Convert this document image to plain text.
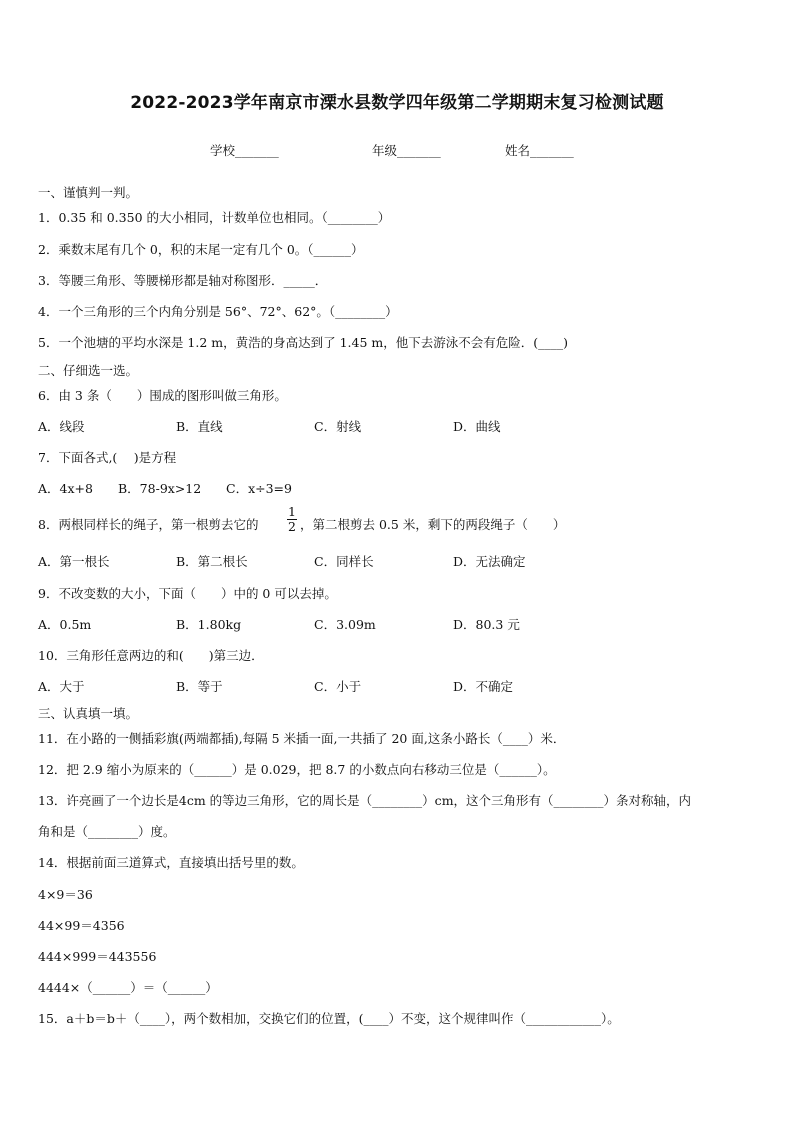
2022-2023学年南京市溧水县数学四年级第二学期期末复习检测试题
学校_______	年级_______	姓名_______
一、谨慎判一判。
1．0.35 和 0.350 的大小相同，计数单位也相同。（________）
2．乘数末尾有几个 0，积的末尾一定有几个 0。（______）
3．等腰三角形、等腰梯形都是轴对称图形．_____．
4．一个三角形的三个内角分别是 56°、72°、62°。（________）
5．一个池塘的平均水深是 1.2 m，黄浩的身高达到了 1.45 m，他下去游泳不会有危险．(____)
二、仔细选一选。
6．由 3 条（　　）围成的图形叫做三角形。
A．线段	B．直线	C．射线	D．曲线
7．下面各式,(　 )是方程
A．4x+8 B．78-9x>12 C．x÷3=9
8．两根同样长的绳子，第一根剪去它的
1
2 ，第二根剪去 0.5 米，剩下的两段绳子（　　）
A．第一根长	B．第二根长	C．同样长	D．无法确定
9．不改变数的大小，下面（　　）中的 0 可以去掉。
A．0.5m	B．1.80kg	C．3.09m	D．80.3 元
10．三角形任意两边的和(　　)第三边．
A．大于	B．等于	C．小于	D．不确定
三、认真填一填。
11．在小路的一侧插彩旗(两端都插),每隔 5 米插一面,一共插了 20 面,这条小路长（____）米．
12．把 2.9 缩小为原来的（______）是 0.029，把 8.7 的小数点向右移动三位是（______）。
13．许亮画了一个边长是4cm 的等边三角形，它的周长是（________）cm，这个三角形有（________）条对称轴，内
角和是（________）度。
14．根据前面三道算式，直接填出括号里的数。
4×9＝36
44×99＝4356
444×999＝443556
4444×（______）＝（______）
15．a＋b＝b＋（____），两个数相加，交换它们的位置，(____）不变，这个规律叫作（____________）。
